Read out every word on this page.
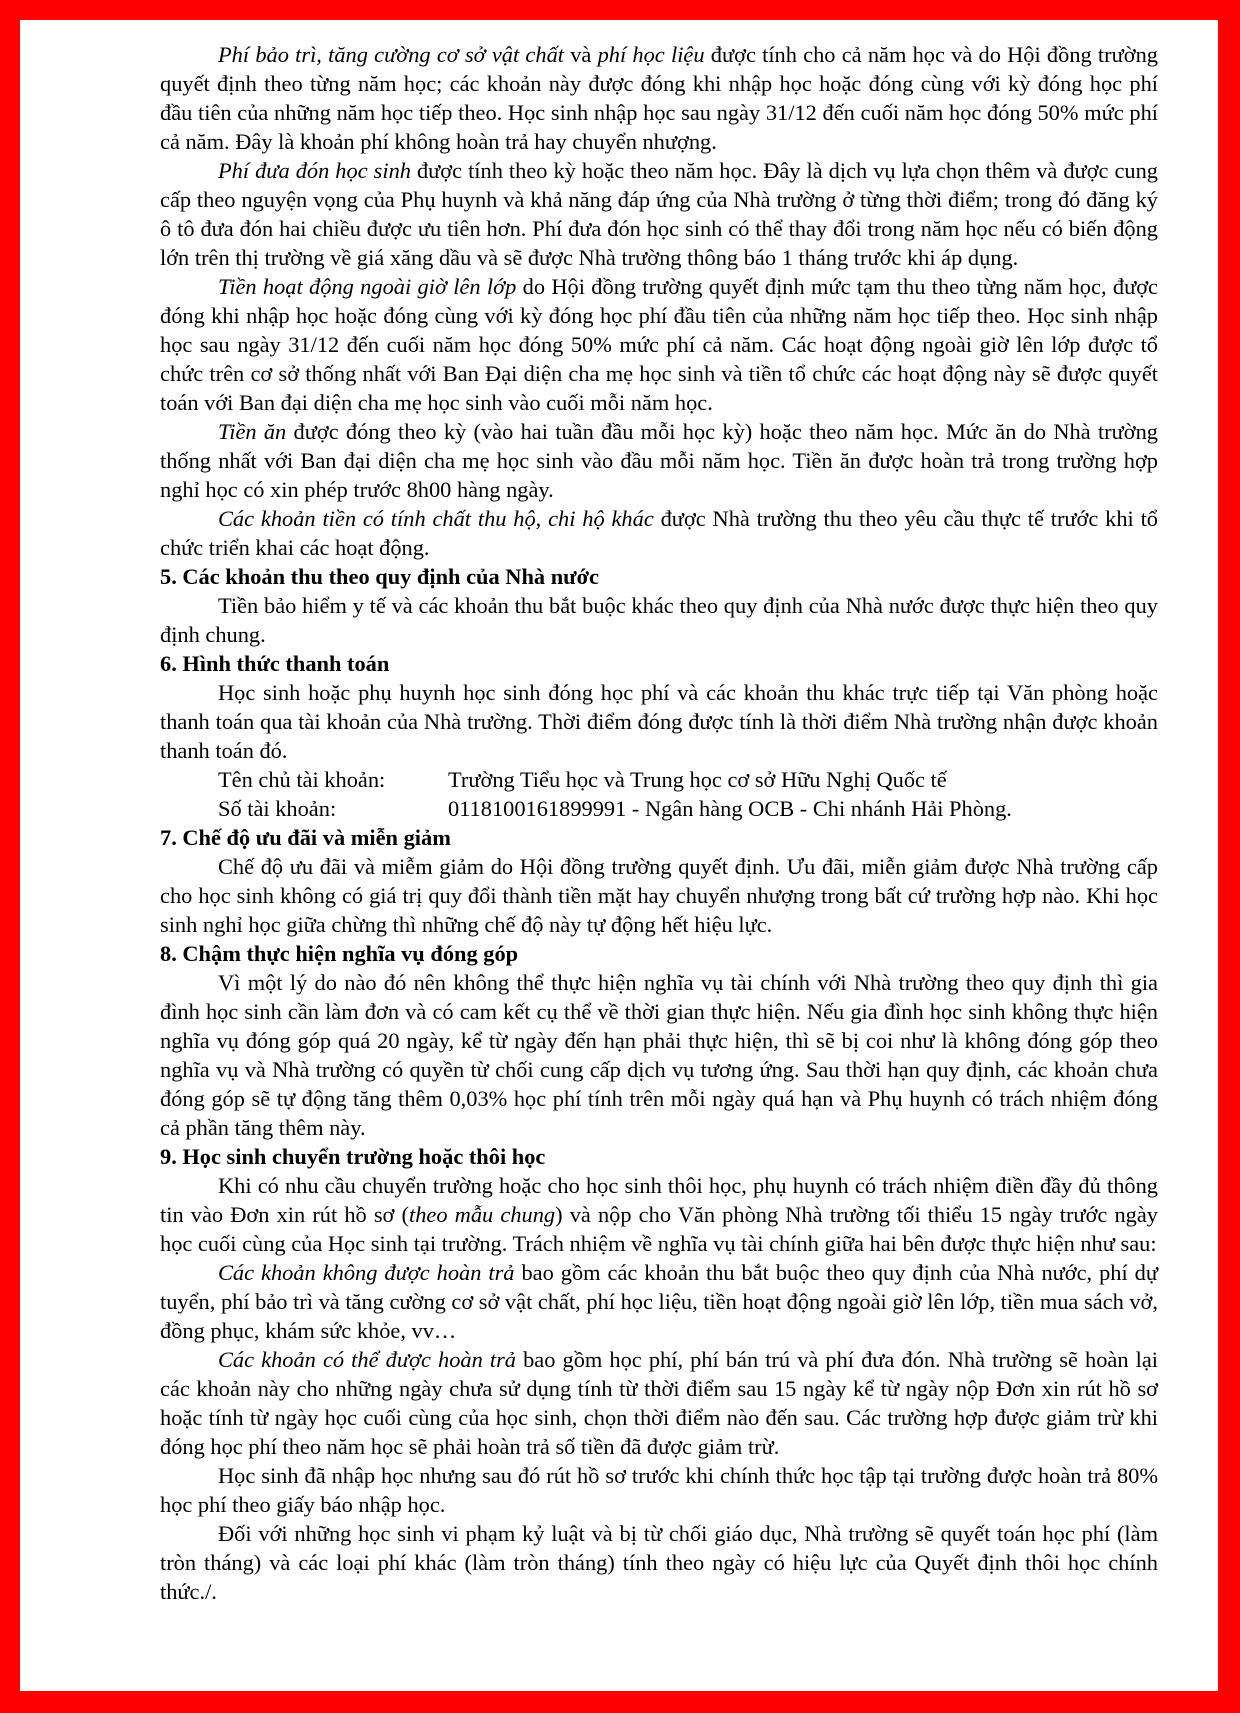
Phí bảo trì, tăng cường cơ sở vật chất và phí học liệu được tính cho cả năm học và do Hội đồng trường quyết định theo từng năm học; các khoản này được đóng khi nhập học hoặc đóng cùng với kỳ đóng học phí đầu tiên của những năm học tiếp theo. Học sinh nhập học sau ngày 31/12 đến cuối năm học đóng 50% mức phí cả năm. Đây là khoản phí không hoàn trả hay chuyển nhượng.

Phí đưa đón học sinh được tính theo kỳ hoặc theo năm học. Đây là dịch vụ lựa chọn thêm và được cung cấp theo nguyện vọng của Phụ huynh và khả năng đáp ứng của Nhà trường ở từng thời điểm; trong đó đăng ký ô tô đưa đón hai chiều được ưu tiên hơn. Phí đưa đón học sinh có thể thay đổi trong năm học nếu có biến động lớn trên thị trường về giá xăng dầu và sẽ được Nhà trường thông báo 1 tháng trước khi áp dụng.

Tiền hoạt động ngoài giờ lên lớp do Hội đồng trường quyết định mức tạm thu theo từng năm học, được đóng khi nhập học hoặc đóng cùng với kỳ đóng học phí đầu tiên của những năm học tiếp theo. Học sinh nhập học sau ngày 31/12 đến cuối năm học đóng 50% mức phí cả năm. Các hoạt động ngoài giờ lên lớp được tổ chức trên cơ sở thống nhất với Ban Đại diện cha mẹ học sinh và tiền tổ chức các hoạt động này sẽ được quyết toán với Ban đại diện cha mẹ học sinh vào cuối mỗi năm học.

Tiền ăn được đóng theo kỳ (vào hai tuần đầu mỗi học kỳ) hoặc theo năm học. Mức ăn do Nhà trường thống nhất với Ban đại diện cha mẹ học sinh vào đầu mỗi năm học. Tiền ăn được hoàn trả trong trường hợp nghỉ học có xin phép trước 8h00 hàng ngày.

Các khoản tiền có tính chất thu hộ, chi hộ khác được Nhà trường thu theo yêu cầu thực tế trước khi tổ chức triển khai các hoạt động.

5. Các khoản thu theo quy định của Nhà nước

Tiền bảo hiểm y tế và các khoản thu bắt buộc khác theo quy định của Nhà nước được thực hiện theo quy định chung.

6. Hình thức thanh toán

Học sinh hoặc phụ huynh học sinh đóng học phí và các khoản thu khác trực tiếp tại Văn phòng hoặc thanh toán qua tài khoản của Nhà trường. Thời điểm đóng được tính là thời điểm Nhà trường nhận được khoản thanh toán đó.

Tên chủ tài khoản:	Trường Tiểu học và Trung học cơ sở Hữu Nghị Quốc tế
Số tài khoản:	0118100161899991 - Ngân hàng OCB - Chi nhánh Hải Phòng.
7. Chế độ ưu đãi và miễn giảm

Chế độ ưu đãi và miễm giảm do Hội đồng trường quyết định. Ưu đãi, miễn giảm được Nhà trường cấp cho học sinh không có giá trị quy đổi thành tiền mặt hay chuyển nhượng trong bất cứ trường hợp nào. Khi học sinh nghỉ học giữa chừng thì những chế độ này tự động hết hiệu lực.

8. Chậm thực hiện nghĩa vụ đóng góp

Vì một lý do nào đó nên không thể thực hiện nghĩa vụ tài chính với Nhà trường theo quy định thì gia đình học sinh cần làm đơn và có cam kết cụ thể về thời gian thực hiện. Nếu gia đình học sinh không thực hiện nghĩa vụ đóng góp quá 20 ngày, kể từ ngày đến hạn phải thực hiện, thì sẽ bị coi như là không đóng góp theo nghĩa vụ và Nhà trường có quyền từ chối cung cấp dịch vụ tương ứng. Sau thời hạn quy định, các khoản chưa đóng góp sẽ tự động tăng thêm 0,03% học phí tính trên mỗi ngày quá hạn và Phụ huynh có trách nhiệm đóng cả phần tăng thêm này.

9. Học sinh chuyển trường hoặc thôi học

Khi có nhu cầu chuyển trường hoặc cho học sinh thôi học, phụ huynh có trách nhiệm điền đầy đủ thông tin vào Đơn xin rút hồ sơ (theo mẫu chung) và nộp cho Văn phòng Nhà trường tối thiểu 15 ngày trước ngày học cuối cùng của Học sinh tại trường. Trách nhiệm về nghĩa vụ tài chính giữa hai bên được thực hiện như sau:

Các khoản không được hoàn trả bao gồm các khoản thu bắt buộc theo quy định của Nhà nước, phí dự tuyển, phí bảo trì và tăng cường cơ sở vật chất, phí học liệu, tiền hoạt động ngoài giờ lên lớp, tiền mua sách vở, đồng phục, khám sức khỏe, vv…

Các khoản có thể được hoàn trả bao gồm học phí, phí bán trú và phí đưa đón. Nhà trường sẽ hoàn lại các khoản này cho những ngày chưa sử dụng tính từ thời điểm sau 15 ngày kể từ ngày nộp Đơn xin rút hồ sơ hoặc tính từ ngày học cuối cùng của học sinh, chọn thời điểm nào đến sau. Các trường hợp được giảm trừ khi đóng học phí theo năm học sẽ phải hoàn trả số tiền đã được giảm trừ.

Học sinh đã nhập học nhưng sau đó rút hồ sơ trước khi chính thức học tập tại trường được hoàn trả 80% học phí theo giấy báo nhập học.

Đối với những học sinh vi phạm kỷ luật và bị từ chối giáo dục, Nhà trường sẽ quyết toán học phí (làm tròn tháng) và các loại phí khác (làm tròn tháng) tính theo ngày có hiệu lực của Quyết định thôi học chính thức./.
